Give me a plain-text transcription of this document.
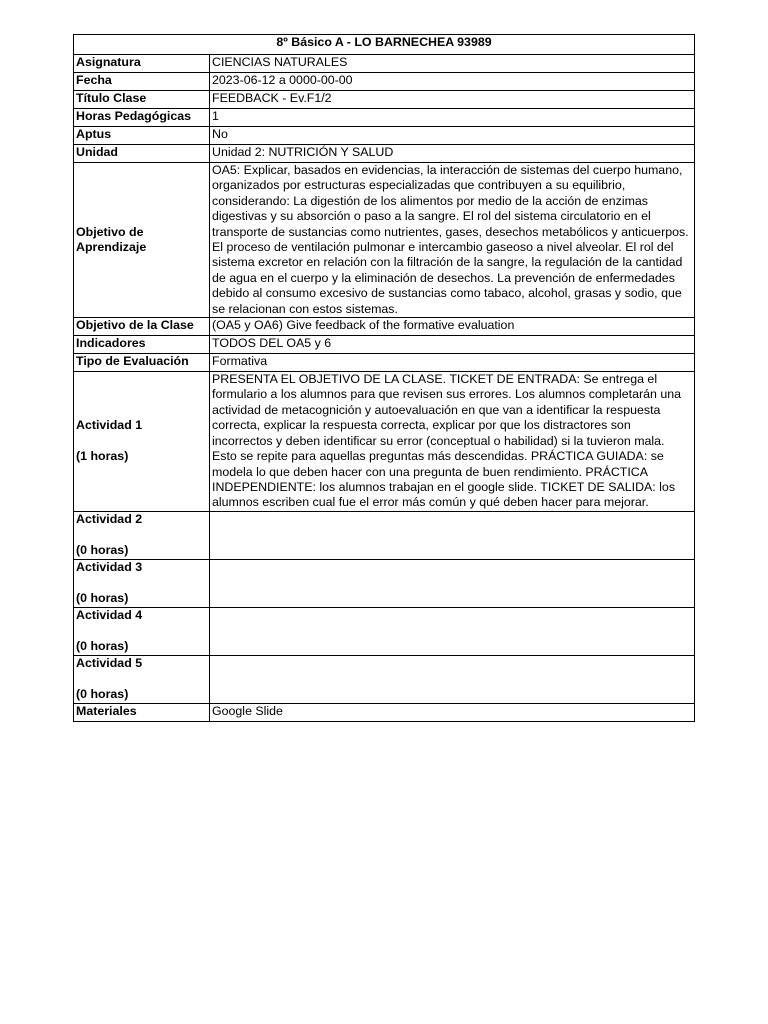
8º Básico A - LO BARNECHEA 93989	
Asignatura	CIENCIAS NATURALES
Fecha	2023-06-12 a 0000-00-00
Título Clase	FEEDBACK - Ev.F1/2
Horas Pedagógicas	1
Aptus	No
Unidad	Unidad 2: NUTRICIÓN Y SALUD
Objetivo de Aprendizaje	OA5: Explicar, basados en evidencias, la interacción de sistemas del cuerpo humano, organizados por estructuras especializadas que contribuyen a su equilibrio, considerando: La digestión de los alimentos por medio de la acción de enzimas digestivas y su absorción o paso a la sangre. El rol del sistema circulatorio en el transporte de sustancias como nutrientes, gases, desechos metabólicos y anticuerpos. El proceso de ventilación pulmonar e intercambio gaseoso a nivel alveolar. El rol del sistema excretor en relación con la filtración de la sangre, la regulación de la cantidad de agua en el cuerpo y la eliminación de desechos. La prevención de enfermedades debido al consumo excesivo de sustancias como tabaco, alcohol, grasas y sodio, que se relacionan con estos sistemas.
Objetivo de la Clase	(OA5 y OA6) Give feedback of the formative evaluation
Indicadores	TODOS DEL OA5 y 6
Tipo de Evaluación	Formativa

Actividad 1
(1 horas)	PRESENTA EL OBJETIVO DE LA CLASE. TICKET DE ENTRADA: Se entrega el formulario a los alumnos para que revisen sus errores. Los alumnos completarán una actividad de metacognición y autoevaluación en que van a identificar la respuesta correcta, explicar la respuesta correcta, explicar por que los distractores son incorrectos y deben identificar su error (conceptual o habilidad) si la tuvieron mala. Esto se repite para aquellas preguntas más descendidas. PRÁCTICA GUIADA: se modela lo que deben hacer con una pregunta de buen rendimiento. PRÁCTICA INDEPENDIENTE: los alumnos trabajan en el google slide. TICKET DE SALIDA: los alumnos escriben cual fue el error más común y qué deben hacer para mejorar.

Actividad 2
(0 horas)	

Actividad 3
(0 horas)	

Actividad 4
(0 horas)	

Actividad 5
(0 horas)	

Materiales	Google Slide
